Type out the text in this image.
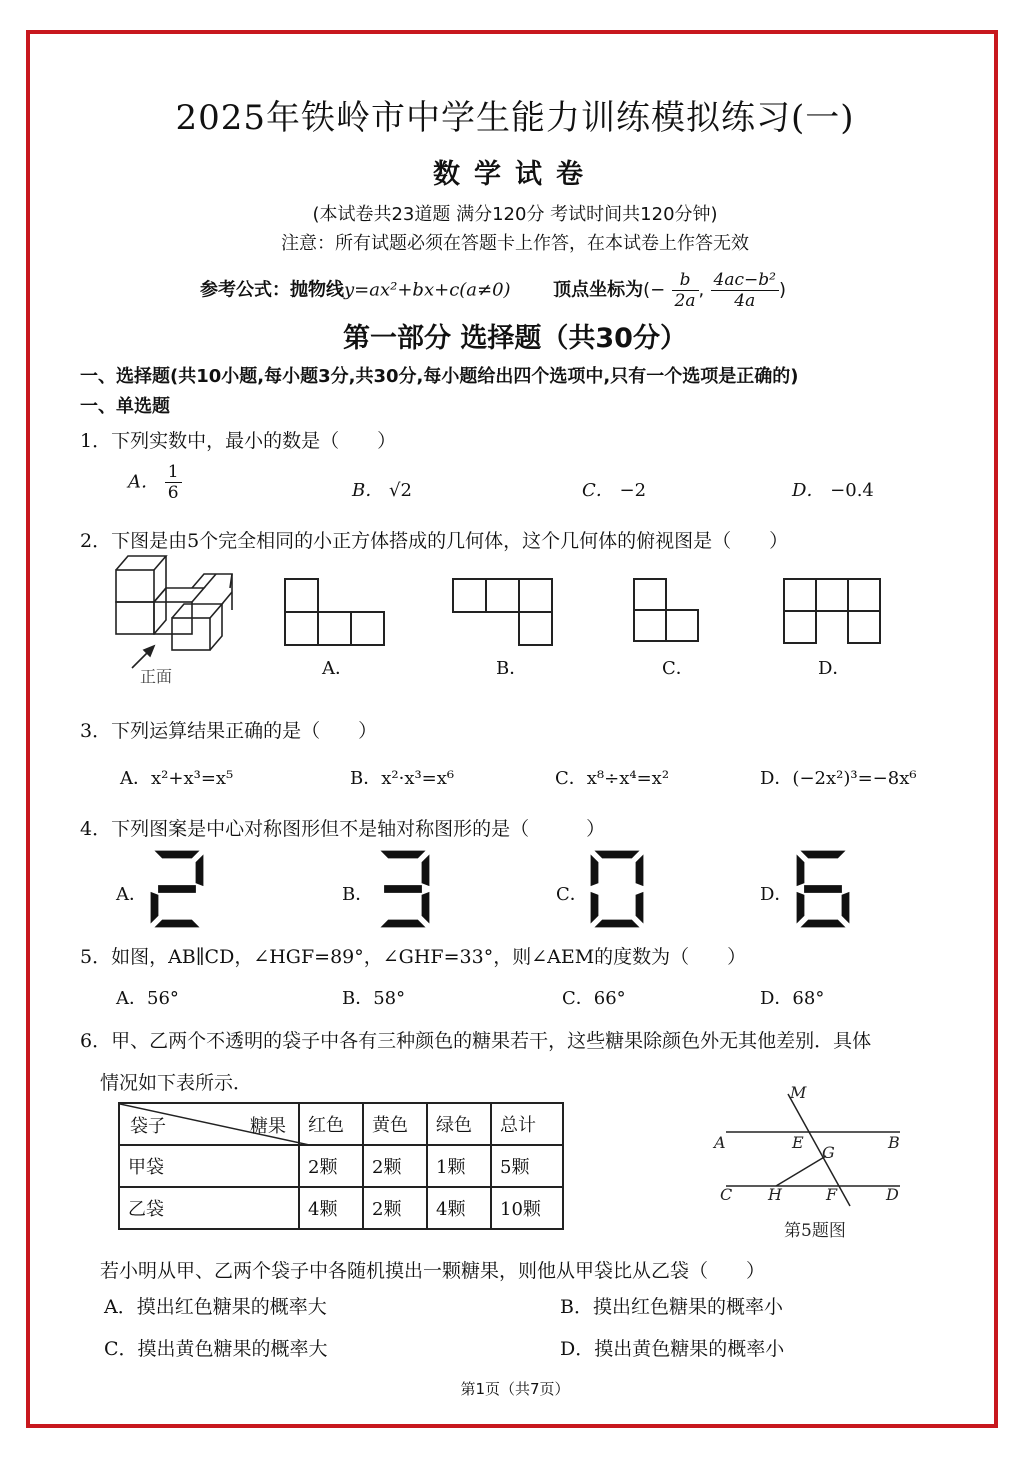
2025年铁岭市中学生能力训练模拟练习(一)
数学试卷
(本试卷共23道题 满分120分 考试时间共120分钟)
注意：所有试题必须在答题卡上作答，在本试卷上作答无效
参考公式：抛物线y=ax²+bx+c(a≠0) 顶点坐标为(− $\frac{b}{2a}$ , $\frac{\text{4ac−b²}}{4a}$ )
第一部分 选择题（共30分）
一、选择题(共10小题,每小题3分,共30分,每小题给出四个选项中,只有一个选项是正确的)
一、单选题
1．下列实数中，最小的数是（　　）
A． $\frac{1}{6}$	B． √2	C． −2	D． −0.4
2．下图是由5个完全相同的小正方体搭成的几何体，这个几何体的俯视图是（　　）
正面	A．	B．	C．	D．
3．下列运算结果正确的是（　　）
A．x²+x³=x⁵	B．x²·x³=x⁶	C．x⁸÷x⁴=x²	D．(−2x²)³=−8x⁶
4．下列图案是中心对称图形但不是轴对称图形的是（　　　）
A．	B．	C．	D．
5．如图，AB∥CD，∠HGF=89°，∠GHF=33°，则∠AEM的度数为（　　）
A．56°	B．58°	C．66°	D．68°
6．甲、乙两个不透明的袋子中各有三种颜色的糖果若干，这些糖果除颜色外无其他差别．具体
情况如下表所示．
袋子 糖果	红色	黄色	绿色	总计
甲袋	2颗	2颗	1颗	5颗
乙袋	4颗	2颗	4颗	10颗
M
A	E
G
B
C H	F	D
第5题图
若小明从甲、乙两个袋子中各随机摸出一颗糖果，则他从甲袋比从乙袋（　　）
A．摸出红色糖果的概率大	B．摸出红色糖果的概率小
C．摸出黄色糖果的概率大	D．摸出黄色糖果的概率小
第1页（共7页）
